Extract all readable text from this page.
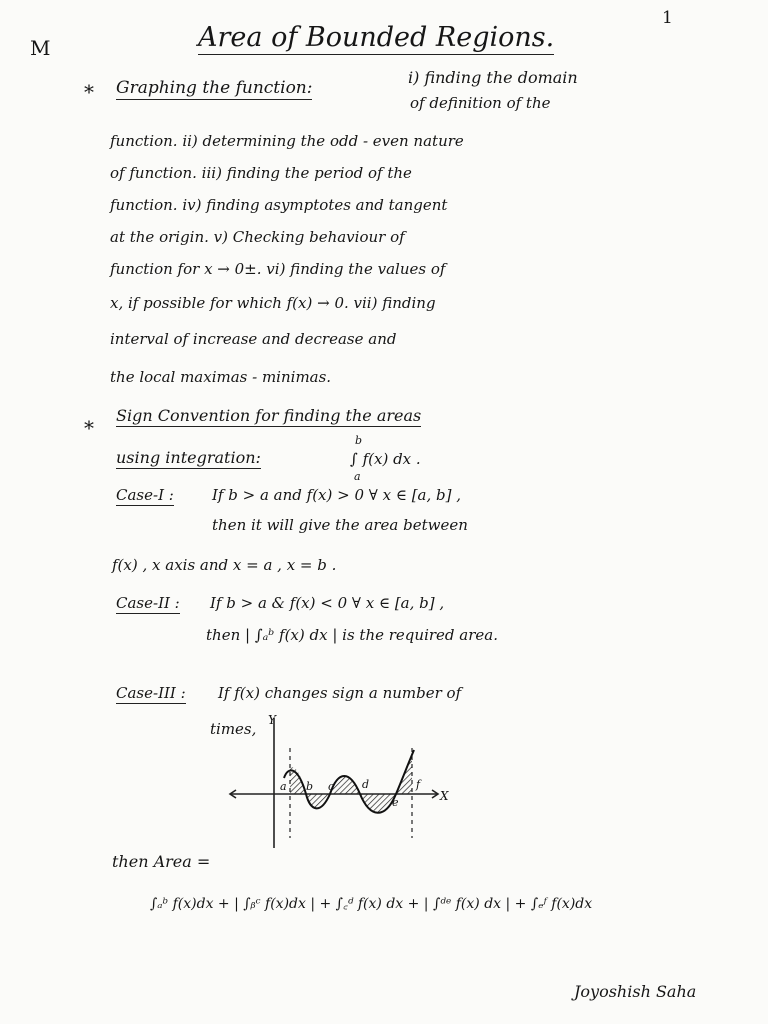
M
1
Area of Bounded Regions.
* Graphing the function:
i) finding the domain
of definition of the
function. ii) determining the odd - even nature
of function. iii) finding the period of the
function. iv) finding asymptotes and tangent
at the origin. v) Checking behaviour of
function for x → 0±. vi) finding the values of
x, if possible for which f(x) → 0. vii) finding
interval of increase and decrease and
the local maximas - minimas.
*
Sign Convention for finding the areas
using integration:
b
∫ f(x) dx .
a
Case-I :	If b > a and f(x) > 0 ∀ x ∈ [a, b] ,
then it will give the area between
f(x) , x axis and x = a , x = b .
Case-II : If b > a & f(x) < 0 ∀ x ∈ [a, b] ,
then | ∫ₐᵇ f(x) dx | is the required area.
Case-III : If f(x) changes sign a number of
times,
a b c	d
e
f
X
Y
then Area =
∫ₐᵇ f(x)dx + | ∫ᵦᶜ f(x)dx | + ∫꜀ᵈ f(x) dx + | ∫ᵈᵉ f(x) dx | + ∫ₑᶠ f(x)dx
Joyoshish Saha
